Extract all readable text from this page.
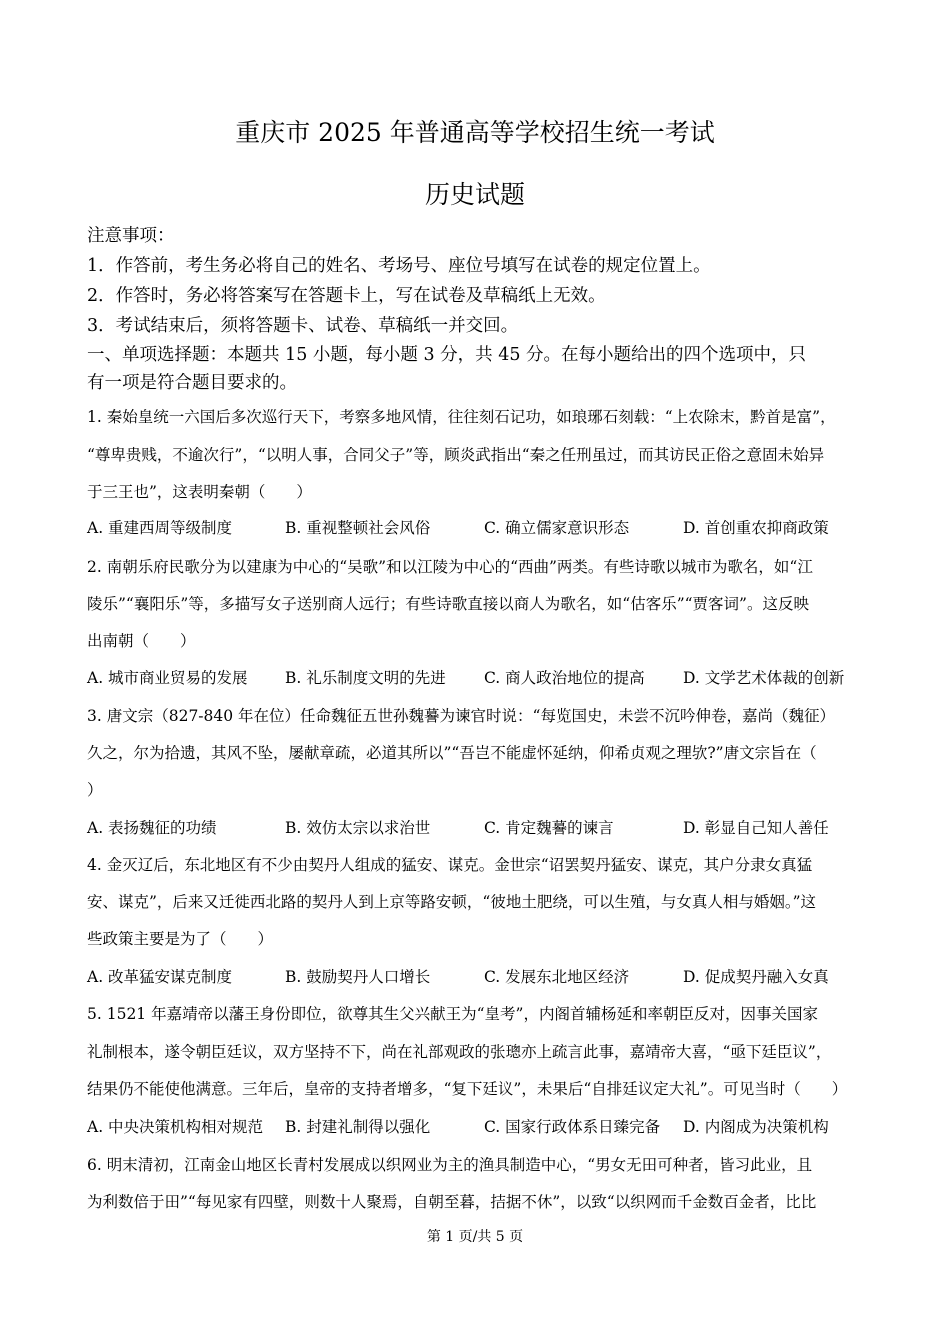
重庆市 2025 年普通高等学校招生统一考试
历史试题
注意事项：
1．作答前，考生务必将自己的姓名、考场号、座位号填写在试卷的规定位置上。
2．作答时，务必将答案写在答题卡上，写在试卷及草稿纸上无效。
3．考试结束后，须将答题卡、试卷、草稿纸一并交回。
一、单项选择题：本题共 15 小题，每小题 3 分，共 45 分。在每小题给出的四个选项中，只
有一项是符合题目要求的。
1. 秦始皇统一六国后多次巡行天下，考察多地风情，往往刻石记功，如琅琊石刻载：“上农除末，黔首是富”，
“尊卑贵贱，不逾次行”，“以明人事，合同父子”等，顾炎武指出“秦之任刑虽过，而其访民正俗之意固未始异
于三王也”，这表明秦朝（　　）
A. 重建西周等级制度	B. 重视整顿社会风俗	C. 确立儒家意识形态	D. 首创重农抑商政策
2. 南朝乐府民歌分为以建康为中心的“吴歌”和以江陵为中心的“西曲”两类。有些诗歌以城市为歌名，如“江
陵乐”“襄阳乐”等，多描写女子送别商人远行；有些诗歌直接以商人为歌名，如“估客乐”“贾客词”。这反映
出南朝（　　）
A. 城市商业贸易的发展 B. 礼乐制度文明的先进 C. 商人政治地位的提高 D. 文学艺术体裁的创新
3. 唐文宗（827-840 年在位）任命魏征五世孙魏謩为谏官时说：“每览国史，未尝不沉吟伸卷，嘉尚（魏征）
久之，尔为拾遗，其风不坠，屡献章疏，必道其所以”“吾岂不能虚怀延纳，仰希贞观之理欤?”唐文宗旨在（
）
A. 表扬魏征的功绩	B. 效仿太宗以求治世	C. 肯定魏謩的谏言	D. 彰显自己知人善任
4. 金灭辽后，东北地区有不少由契丹人组成的猛安、谋克。金世宗“诏罢契丹猛安、谋克，其户分隶女真猛
安、谋克”，后来又迁徙西北路的契丹人到上京等路安顿，“彼地土肥绕，可以生殖，与女真人相与婚姻。”这
些政策主要是为了（　　）
A. 改革猛安谋克制度	B. 鼓励契丹人口增长	C. 发展东北地区经济	D. 促成契丹融入女真
5. 1521 年嘉靖帝以藩王身份即位，欲尊其生父兴献王为“皇考”，内阁首辅杨延和率朝臣反对，因事关国家
礼制根本，遂令朝臣廷议，双方坚持不下，尚在礼部观政的张璁亦上疏言此事，嘉靖帝大喜，“亟下廷臣议”，
结果仍不能使他满意。三年后，皇帝的支持者增多，“复下廷议”，未果后“自排廷议定大礼”。可见当时（　　）
A. 中央决策机构相对规范 B. 封建礼制得以强化	C. 国家行政体系日臻完备 D. 内阁成为决策机构
6. 明末清初，江南金山地区长青村发展成以织网业为主的渔具制造中心，“男女无田可种者，皆习此业，且
为利数倍于田”“每见家有四壁，则数十人聚焉，自朝至暮，拮据不休”，以致“以织网而千金数百金者，比比
第 1 页/共 5 页
